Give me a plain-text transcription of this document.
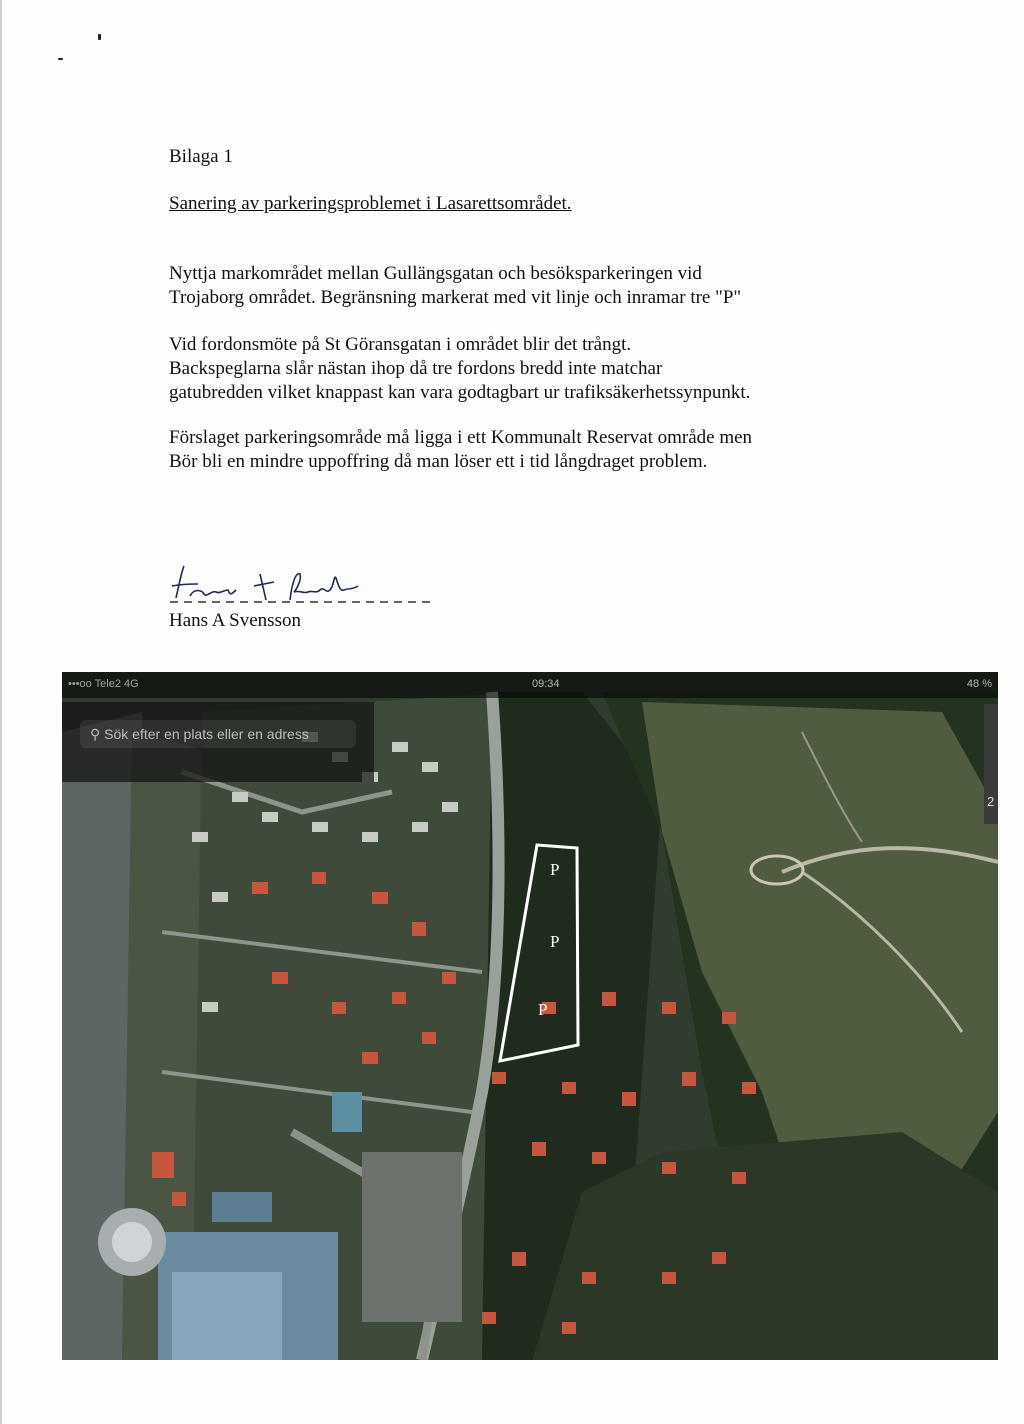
Bilaga 1
Sanering av parkeringsproblemet i Lasarettsområdet.
Nyttja markområdet mellan Gullängsgatan och besöksparkeringen vid
Trojaborg området. Begränsning markerat med vit linje och inramar tre "P"
Vid fordonsmöte på St Göransgatan i området blir det trångt.
Backspeglarna slår nästan ihop då tre fordons bredd inte matchar
gatubredden vilket knappast kan vara godtagbart ur trafiksäkerhetssynpunkt.
Förslaget parkeringsområde må ligga i ett Kommunalt Reservat område men
Bör bli en mindre uppoffring då man löser ett i tid långdraget problem.
Hans A Svensson
•••oo Tele2 4G	09:34	48 %
⚲ Sök efter en plats eller en adress
2
P
P
P
